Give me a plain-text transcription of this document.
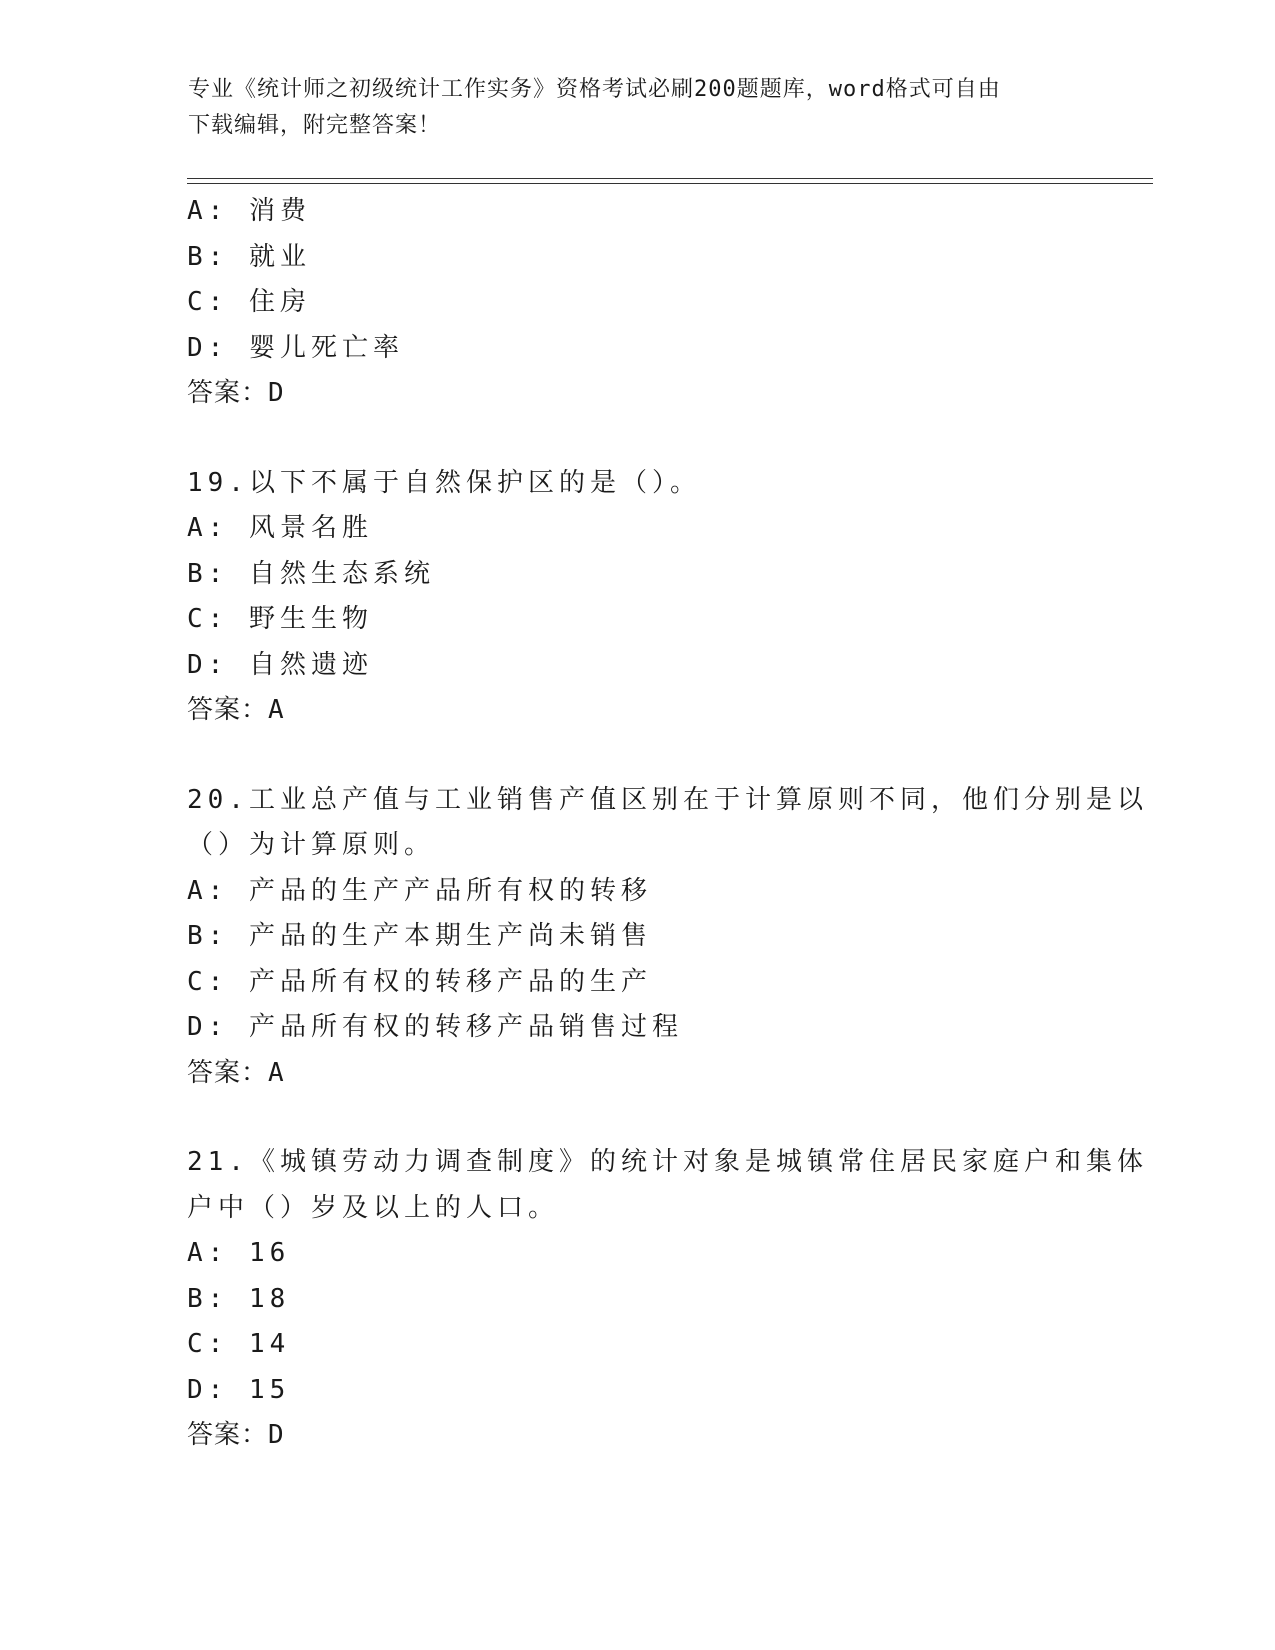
专业《统计师之初级统计工作实务》资格考试必刷200题题库，word格式可自由
下载编辑，附完整答案！
A: 消费
B: 就业
C: 住房
D: 婴儿死亡率
答案：D
19.以下不属于自然保护区的是（）。
A: 风景名胜
B: 自然生态系统
C: 野生生物
D: 自然遗迹
答案：A
20.工业总产值与工业销售产值区别在于计算原则不同，他们分别是以
（）为计算原则。
A: 产品的生产产品所有权的转移
B: 产品的生产本期生产尚未销售
C: 产品所有权的转移产品的生产
D: 产品所有权的转移产品销售过程
答案：A
21.《城镇劳动力调查制度》的统计对象是城镇常住居民家庭户和集体
户中（）岁及以上的人口。
A: 16
B: 18
C: 14
D: 15
答案：D
